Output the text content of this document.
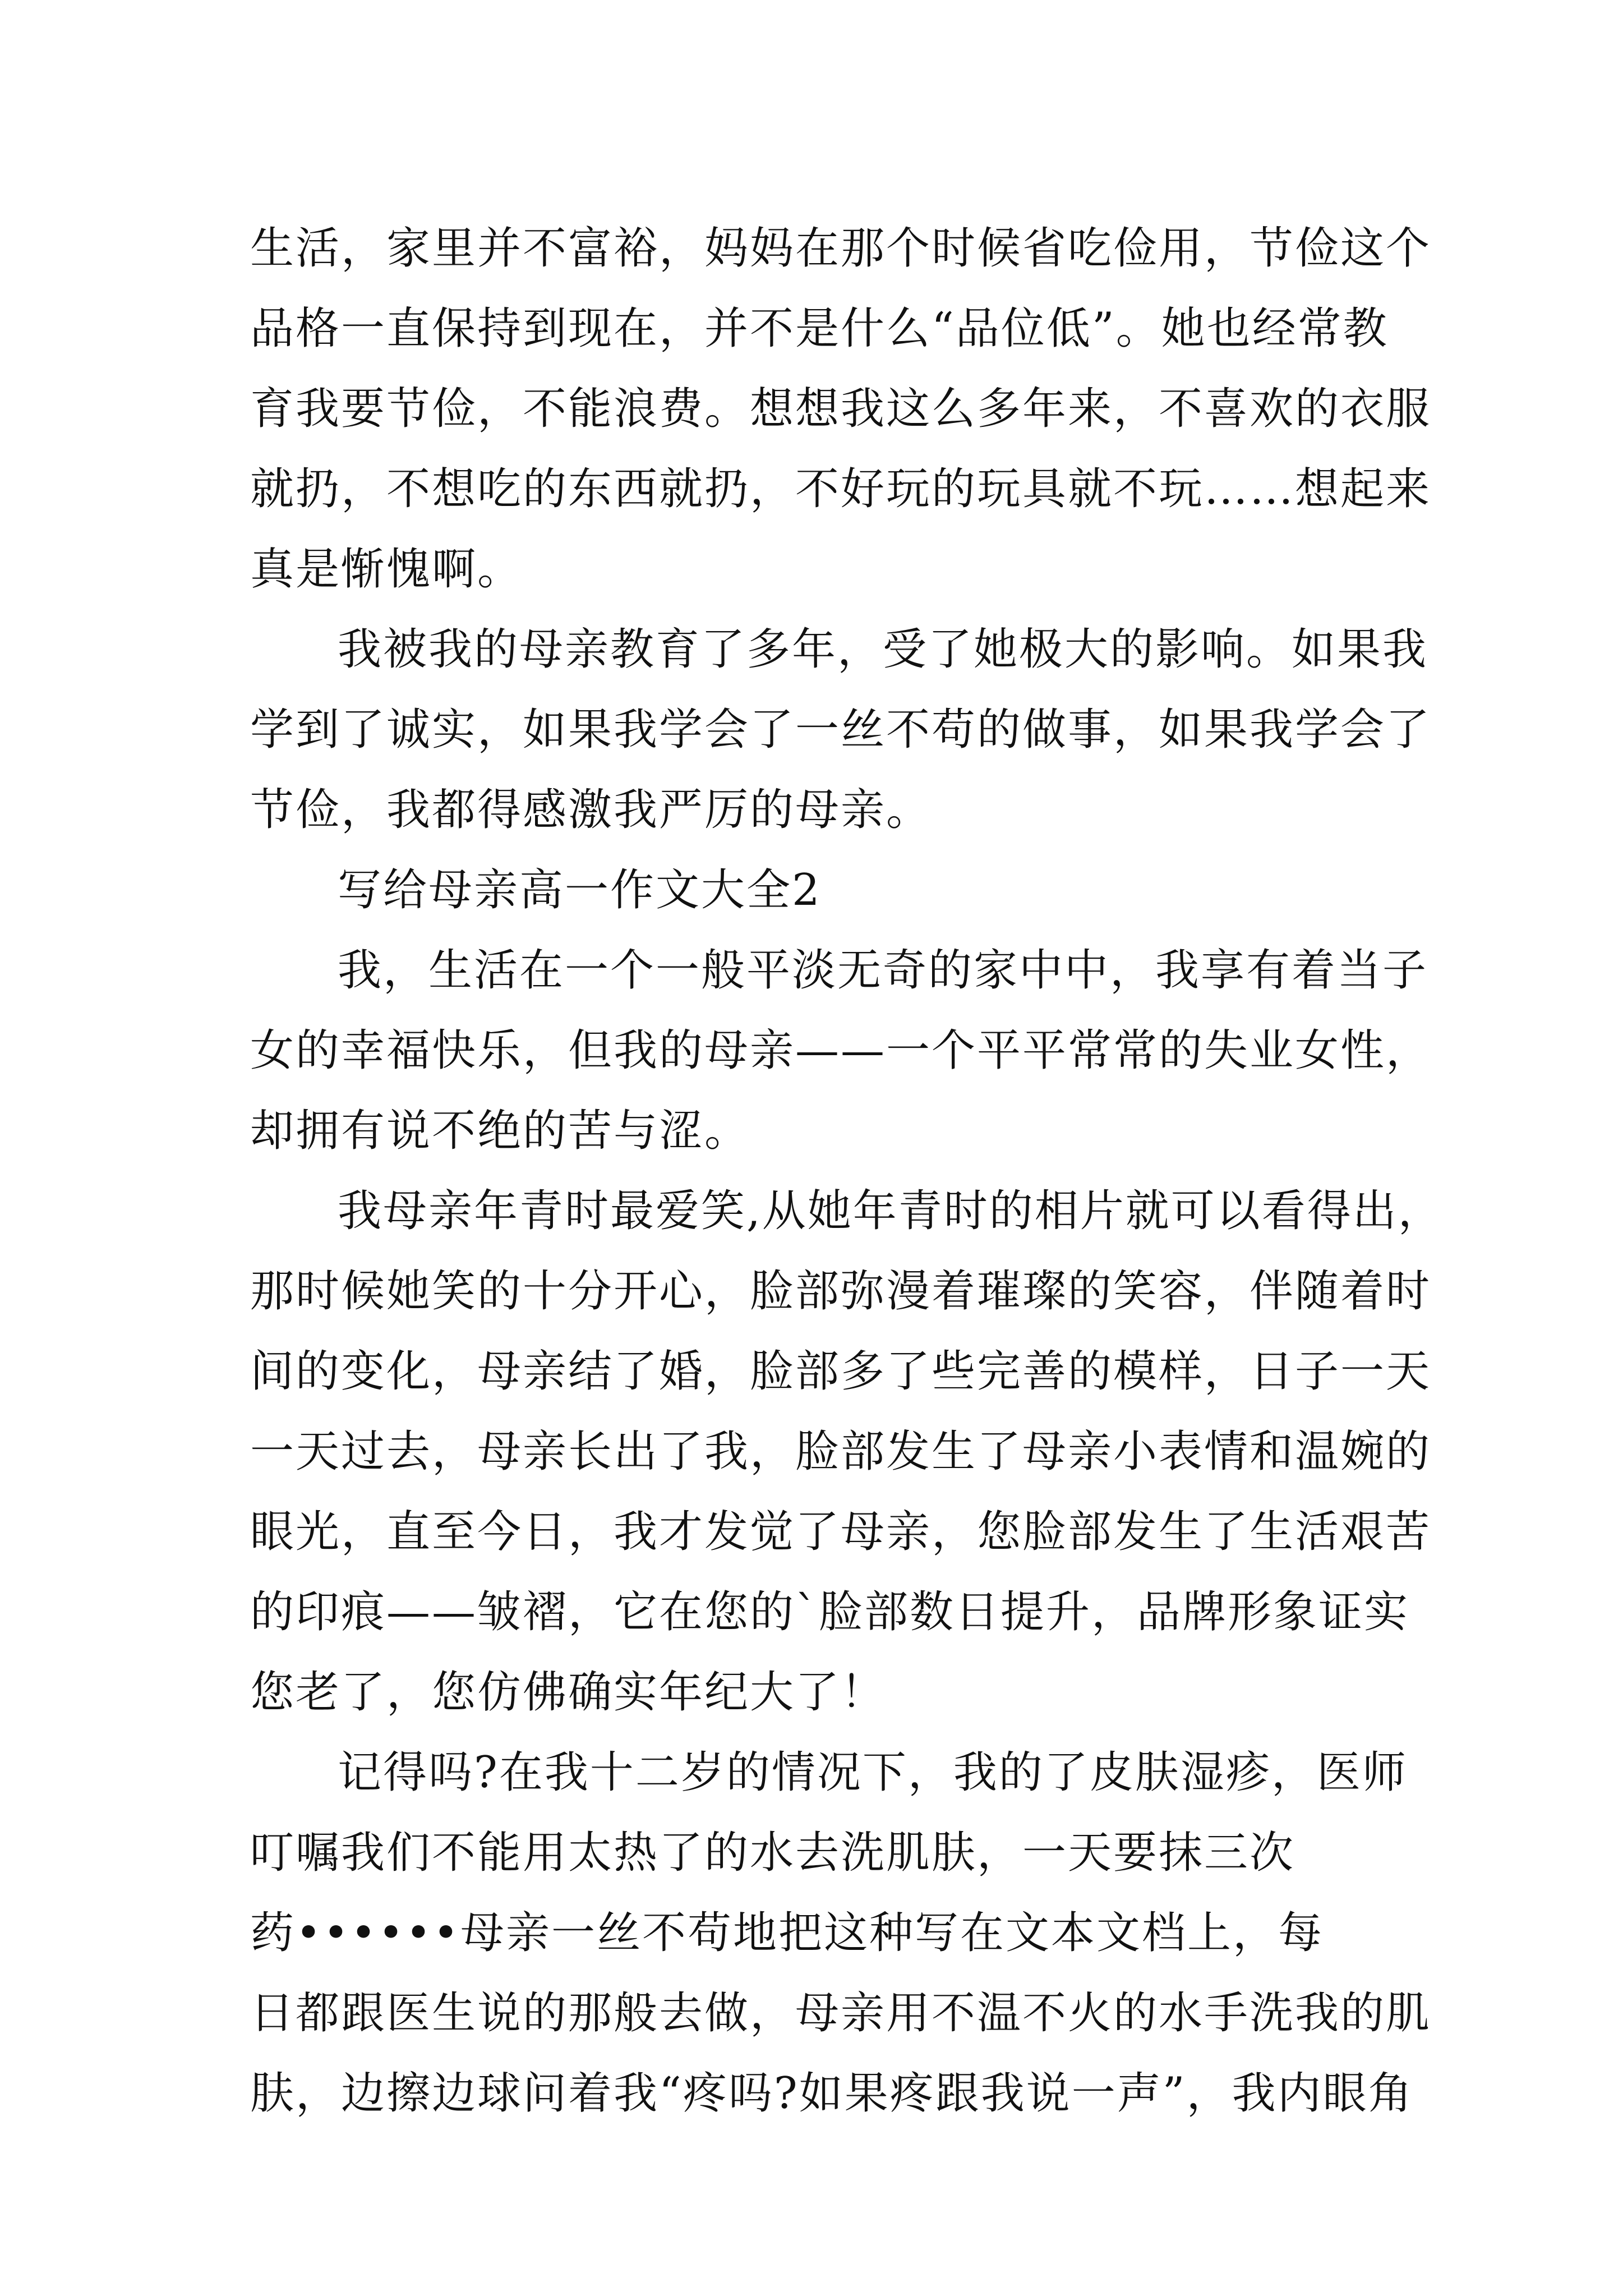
生活，家里并不富裕，妈妈在那个时候省吃俭用，节俭这个
品格一直保持到现在，并不是什么“品位低”。她也经常教
育我要节俭，不能浪费。想想我这么多年来，不喜欢的衣服
就扔，不想吃的东西就扔，不好玩的玩具就不玩……想起来
真是惭愧啊。
我被我的母亲教育了多年，受了她极大的影响。如果我
学到了诚实，如果我学会了一丝不苟的做事，如果我学会了
节俭，我都得感激我严厉的母亲。
写给母亲高一作文大全2
我，生活在一个一般平淡无奇的家中中，我享有着当子
女的幸福快乐，但我的母亲——一个平平常常的失业女性，
却拥有说不绝的苦与涩。
我母亲年青时最爱笑,从她年青时的相片就可以看得出，
那时候她笑的十分开心，脸部弥漫着璀璨的笑容，伴随着时
间的变化，母亲结了婚，脸部多了些完善的模样，日子一天
一天过去，母亲长出了我，脸部发生了母亲小表情和温婉的
眼光，直至今日，我才发觉了母亲，您脸部发生了生活艰苦
的印痕——皱褶，它在您的`脸部数日提升，品牌形象证实
您老了，您仿佛确实年纪大了！
记得吗?在我十二岁的情况下，我的了皮肤湿疹，医师
叮嘱我们不能用太热了的水去洗肌肤，一天要抹三次
药••••••母亲一丝不苟地把这种写在文本文档上，每
日都跟医生说的那般去做，母亲用不温不火的水手洗我的肌
肤，边擦边球问着我“疼吗?如果疼跟我说一声”，我内眼角
